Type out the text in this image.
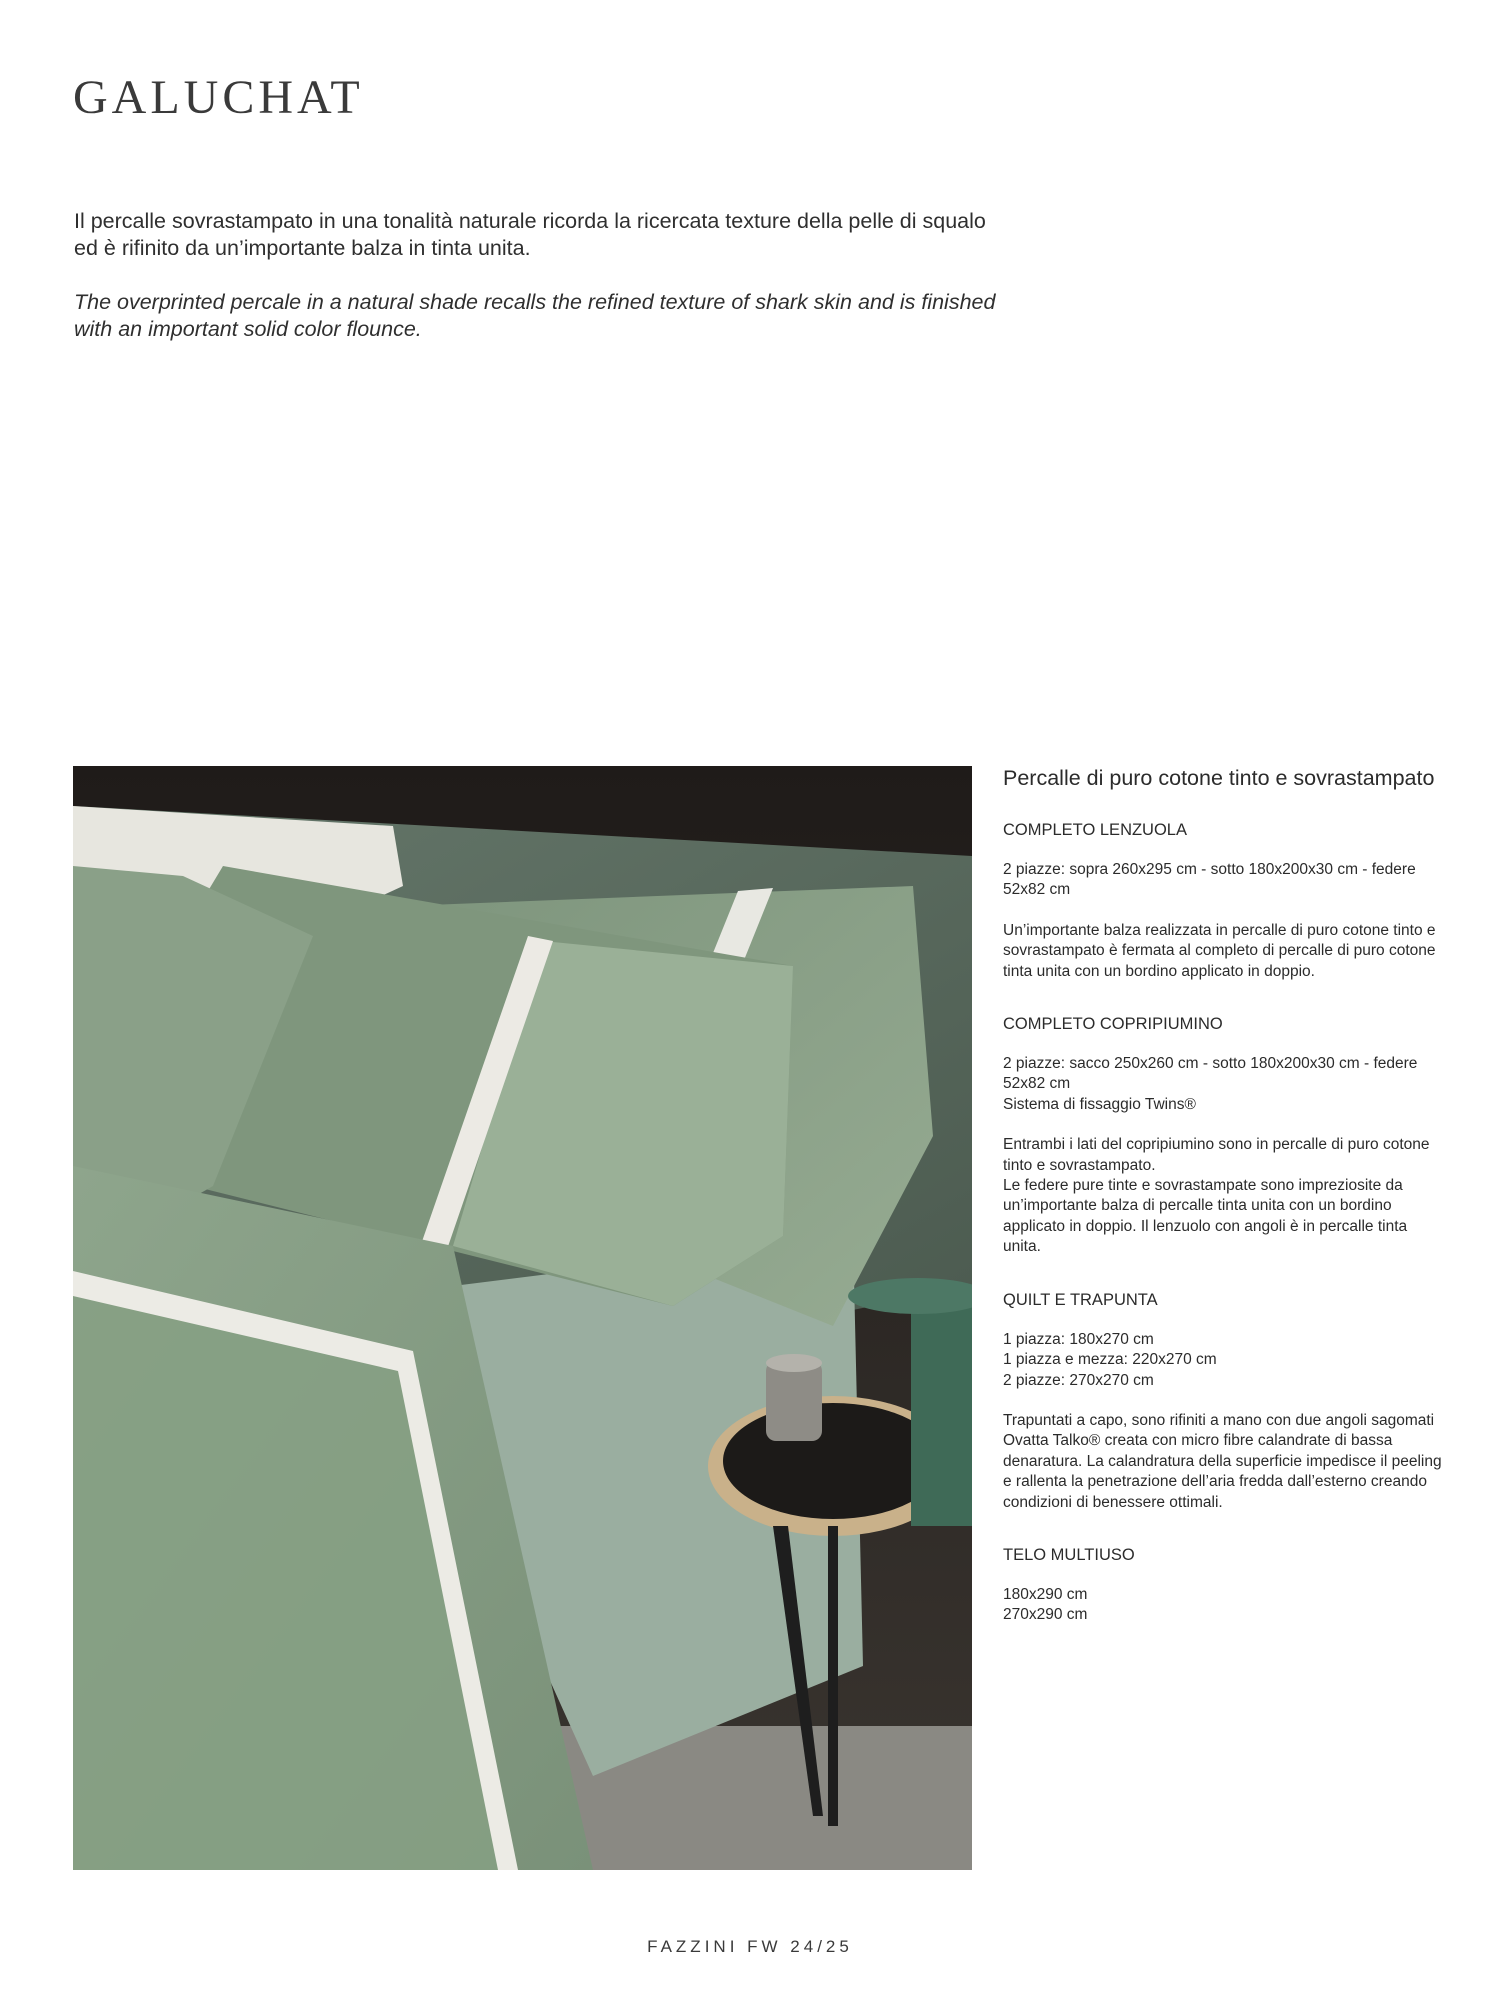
GALUCHAT

Il percalle sovrastampato in una tonalità naturale ricorda la ricercata texture della pelle di squalo ed è rifinito da un’importante balza in tinta unita.

The overprinted percale in a natural shade recalls the refined texture of shark skin and is finished with an important solid color flounce.

Percalle di puro cotone tinto e sovrastampato
COMPLETO LENZUOLA

2 piazze: sopra 260x295 cm - sotto 180x200x30 cm - federe 52x82 cm

Un’importante balza realizzata in percalle di puro cotone tinto e sovrastampato è fermata al completo di percalle di puro cotone tinta unita con un bordino applicato in doppio.

COMPLETO COPRIPIUMINO

2 piazze: sacco 250x260 cm - sotto 180x200x30 cm - federe 52x82 cm
Sistema di fissaggio Twins®

Entrambi i lati del copripiumino sono in percalle di puro cotone tinto e sovrastampato.
Le federe pure tinte e sovrastampate sono impreziosite da un’importante balza di percalle tinta unita con un bordino applicato in doppio. Il lenzuolo con angoli è in percalle tinta unita.

QUILT E TRAPUNTA

1 piazza: 180x270 cm
1 piazza e mezza: 220x270 cm
2 piazze: 270x270 cm

Trapuntati a capo, sono rifiniti a mano con due angoli sagomati Ovatta Talko® creata con micro fibre calandrate di bassa denaratura. La calandratura della superficie impedisce il peeling e rallenta la penetrazione dell’aria fredda dall’esterno creando condizioni di benessere ottimali.

TELO MULTIUSO

180x290 cm
270x290 cm

FAZZINI FW 24/25
